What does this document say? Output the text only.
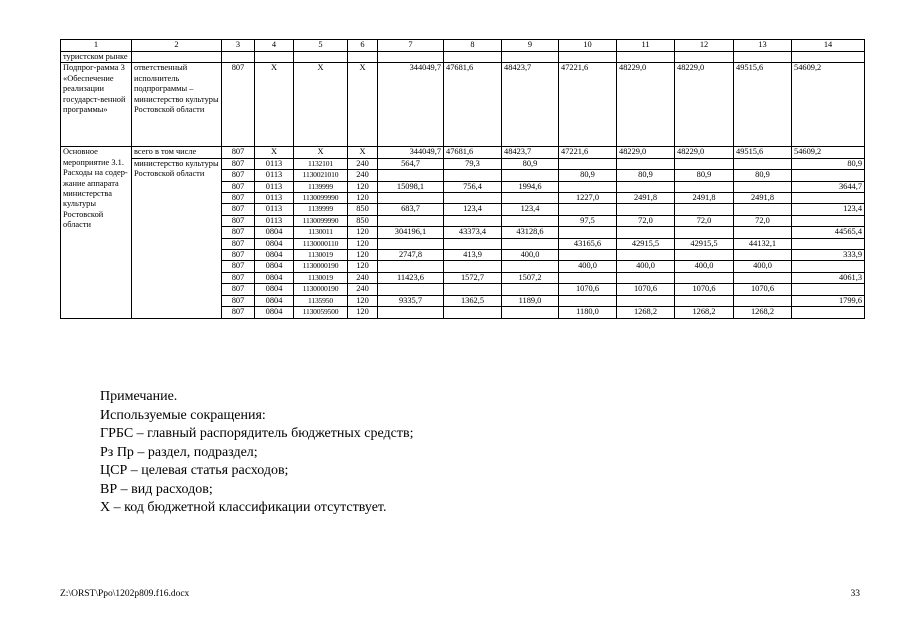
1	2	3	4	5	6	7	8	9	10	11	12	13	14
туристском рынке													
Подпрог-рамма 3 «Обеспечение реализации государст-венной программы»	ответственный исполнитель подпрограммы – министерство культуры Ростовской области	807	X	X	X	344049,7	47681,6	48423,7	47221,6	48229,0	48229,0	49515,6	54609,2
Основное мероприятие 3.1. Расходы на содер-жание аппарата министерства культуры Ростовской области	всего в том числе	807	X	X	X	344049,7	47681,6	48423,7	47221,6	48229,0	48229,0	49515,6	54609,2
	министерство культуры Ростовской области	807	0113	1132101	240	564,7	79,3	80,9					80,9
		807	0113	1130021010	240				80,9	80,9	80,9	80,9	
		807	0113	1139999	120	15098,1	756,4	1994,6					3644,7
		807	0113	1130099990	120				1227,0	2491,8	2491,8	2491,8	
		807	0113	1139999	850	683,7	123,4	123,4					123,4
		807	0113	1130099990	850				97,5	72,0	72,0	72,0	
		807	0804	1130011	120	304196,1	43373,4	43128,6					44565,4
		807	0804	1130000110	120				43165,6	42915,5	42915,5	44132,1	
		807	0804	1130019	120	2747,8	413,9	400,0					333,9
		807	0804	1130000190	120				400,0	400,0	400,0	400,0	
		807	0804	1130019	240	11423,6	1572,7	1507,2					4061,3
		807	0804	1130000190	240				1070,6	1070,6	1070,6	1070,6	
		807	0804	1135950	120	9335,7	1362,5	1189,0					1799,6
		807	0804	1130059500	120				1180,0	1268,2	1268,2	1268,2	
Примечание.
Используемые сокращения:
ГРБС – главный распорядитель бюджетных средств;
Рз Пр – раздел, подраздел;
ЦСР – целевая статья расходов;
ВР – вид расходов;
Х – код бюджетной классификации отсутствует.
Z:\ORST\Ppo\1202p809.f16.docx	33
